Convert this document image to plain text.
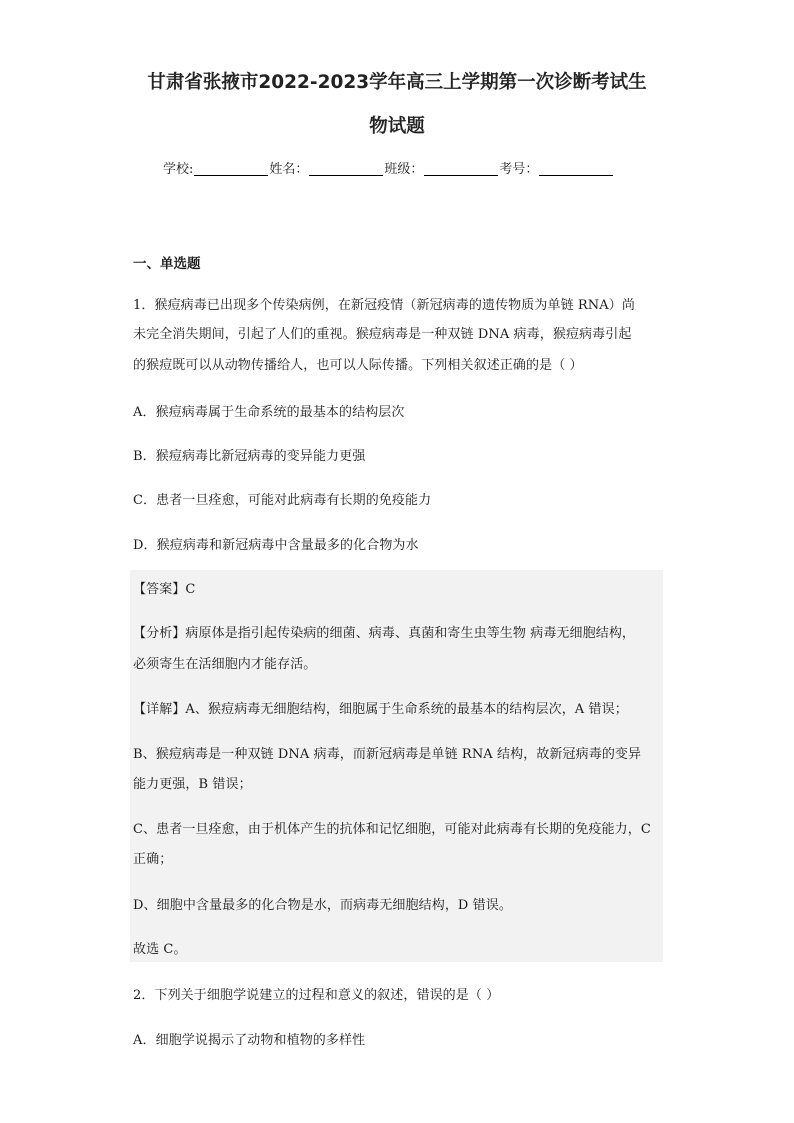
甘肃省张掖市2022-2023学年高三上学期第一次诊断考试生
物试题
学校:	姓名：	班级：	考号：
一、单选题
1．猴痘病毒已出现多个传染病例，在新冠疫情（新冠病毒的遗传物质为单链 RNA）尚
未完全消失期间，引起了人们的重视。猴痘病毒是一种双链 DNA 病毒，猴痘病毒引起
的猴痘既可以从动物传播给人，也可以人际传播。下列相关叙述正确的是（ ）
A．猴痘病毒属于生命系统的最基本的结构层次
B．猴痘病毒比新冠病毒的变异能力更强
C．患者一旦痊愈，可能对此病毒有长期的免疫能力
D．猴痘病毒和新冠病毒中含量最多的化合物为水
【答案】C
【分析】病原体是指引起传染病的细菌、病毒、真菌和寄生虫等生物 病毒无细胞结构，
必须寄生在活细胞内才能存活。
【详解】A、猴痘病毒无细胞结构，细胞属于生命系统的最基本的结构层次，A 错误；
B、猴痘病毒是一种双链 DNA 病毒，而新冠病毒是单链 RNA 结构，故新冠病毒的变异
能力更强，B 错误；
C、患者一旦痊愈，由于机体产生的抗体和记忆细胞，可能对此病毒有长期的免疫能力，C
正确；
D、细胞中含量最多的化合物是水，而病毒无细胞结构，D 错误。
故选 C。
2．下列关于细胞学说建立的过程和意义的叙述，错误的是（ ）
A．细胞学说揭示了动物和植物的多样性
